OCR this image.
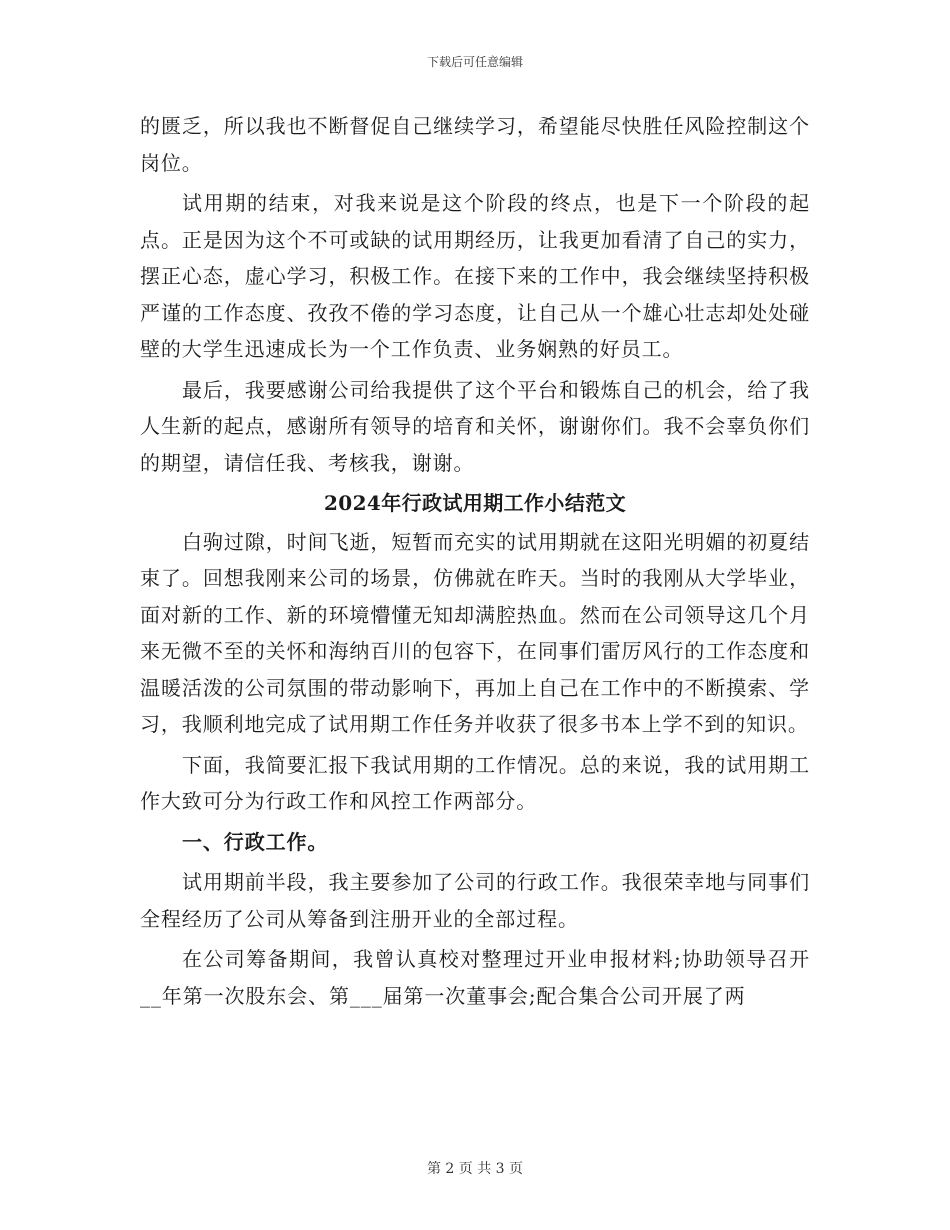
下载后可任意编辑

的匮乏，所以我也不断督促自己继续学习，希望能尽快胜任风险控制这个岗位。

试用期的结束，对我来说是这个阶段的终点，也是下一个阶段的起点。正是因为这个不可或缺的试用期经历，让我更加看清了自己的实力，摆正心态，虚心学习，积极工作。在接下来的工作中，我会继续坚持积极严谨的工作态度、孜孜不倦的学习态度，让自己从一个雄心壮志却处处碰壁的大学生迅速成长为一个工作负责、业务娴熟的好员工。

最后，我要感谢公司给我提供了这个平台和锻炼自己的机会，给了我人生新的起点，感谢所有领导的培育和关怀，谢谢你们。我不会辜负你们的期望，请信任我、考核我，谢谢。

2024年行政试用期工作小结范文

白驹过隙，时间飞逝，短暂而充实的试用期就在这阳光明媚的初夏结束了。回想我刚来公司的场景，仿佛就在昨天。当时的我刚从大学毕业，面对新的工作、新的环境懵懂无知却满腔热血。然而在公司领导这几个月来无微不至的关怀和海纳百川的包容下，在同事们雷厉风行的工作态度和温暖活泼的公司氛围的带动影响下，再加上自己在工作中的不断摸索、学习，我顺利地完成了试用期工作任务并收获了很多书本上学不到的知识。

下面，我简要汇报下我试用期的工作情况。总的来说，我的试用期工作大致可分为行政工作和风控工作两部分。

一、行政工作。

试用期前半段，我主要参加了公司的行政工作。我很荣幸地与同事们全程经历了公司从筹备到注册开业的全部过程。

在公司筹备期间，我曾认真校对整理过开业申报材料;协助领导召开__年第一次股东会、第___届第一次董事会;配合集合公司开展了两

第 2 页 共 3 页
